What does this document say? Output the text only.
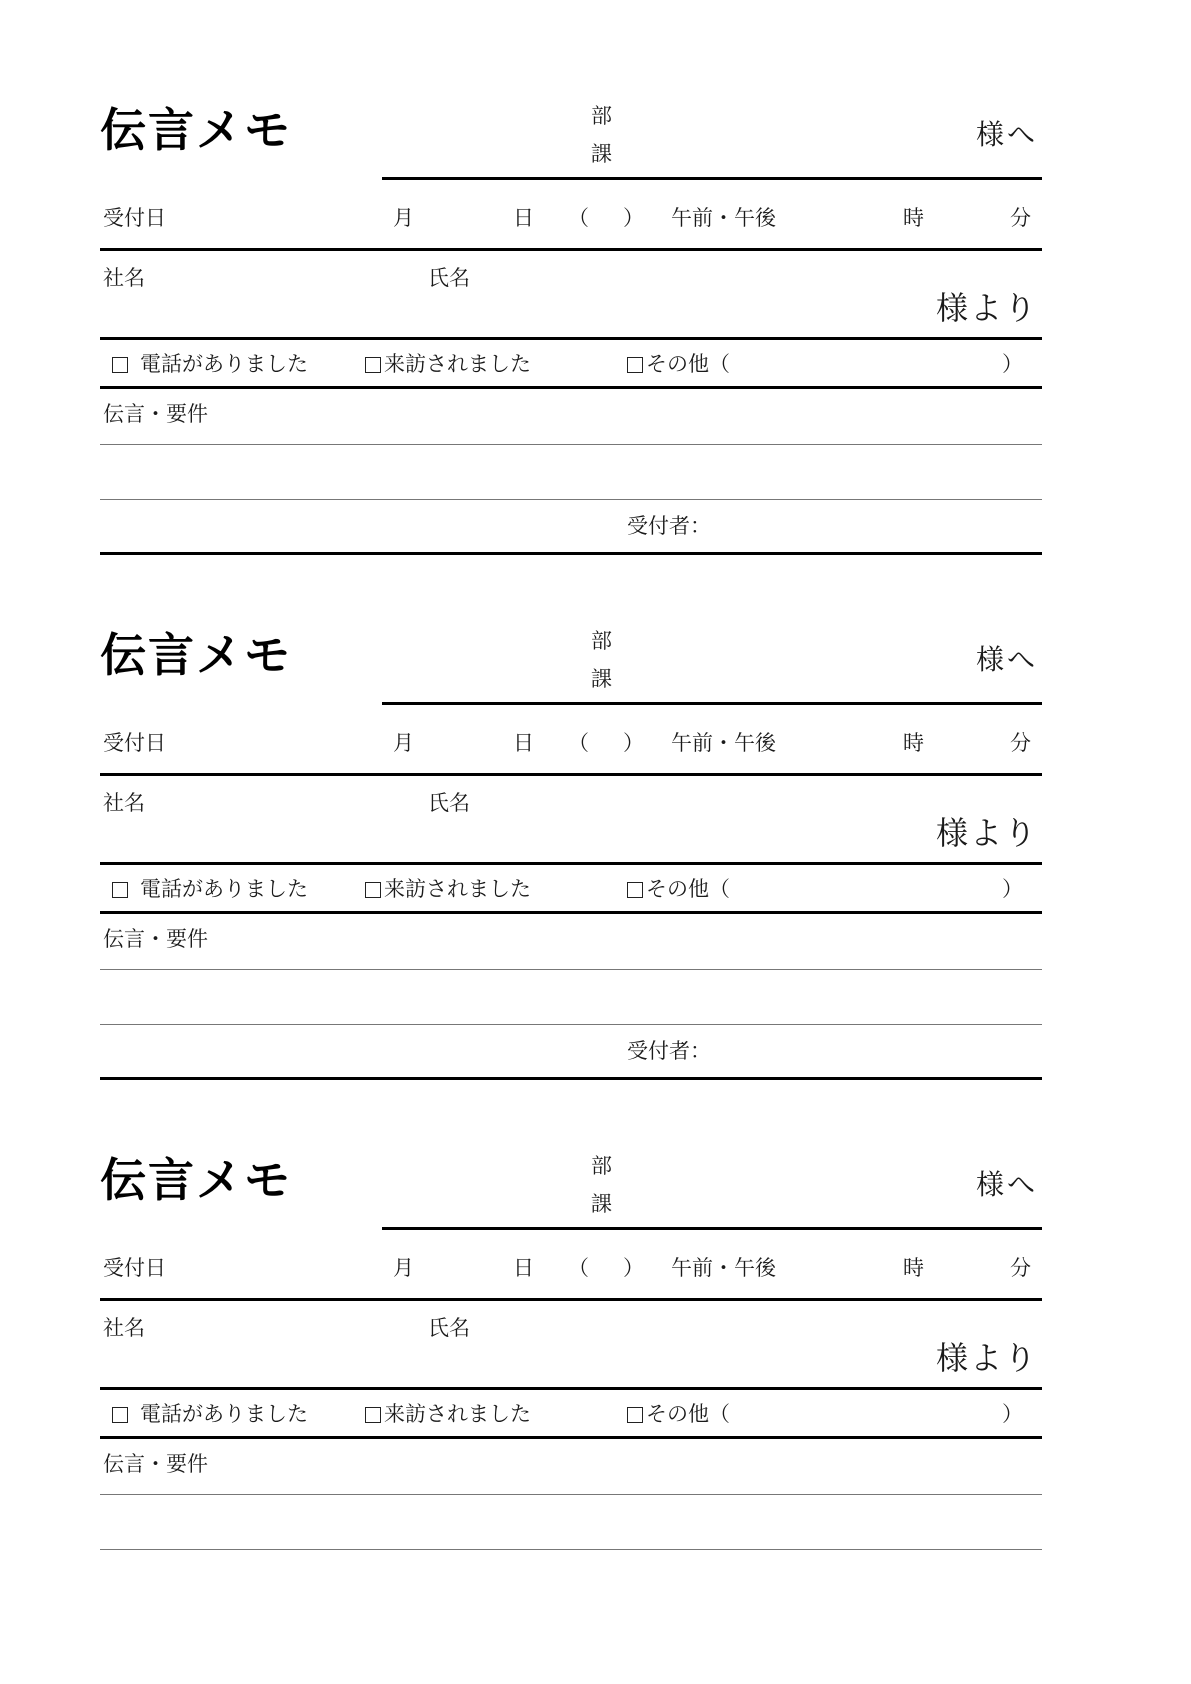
伝言メモ	部
課
様へ
受付日	月	日 （ ） 午前・午後	時	分
社名	氏名
様より
電話がありました	来訪されました	その他（	）
伝言・要件
受付者：
伝言メモ	部
課
様へ
受付日	月	日 （ ） 午前・午後	時	分
社名	氏名
様より
電話がありました	来訪されました	その他（	）
伝言・要件
受付者：
伝言メモ	部
課
様へ
受付日	月	日 （ ） 午前・午後	時	分
社名	氏名
様より
電話がありました	来訪されました	その他（	）
伝言・要件
